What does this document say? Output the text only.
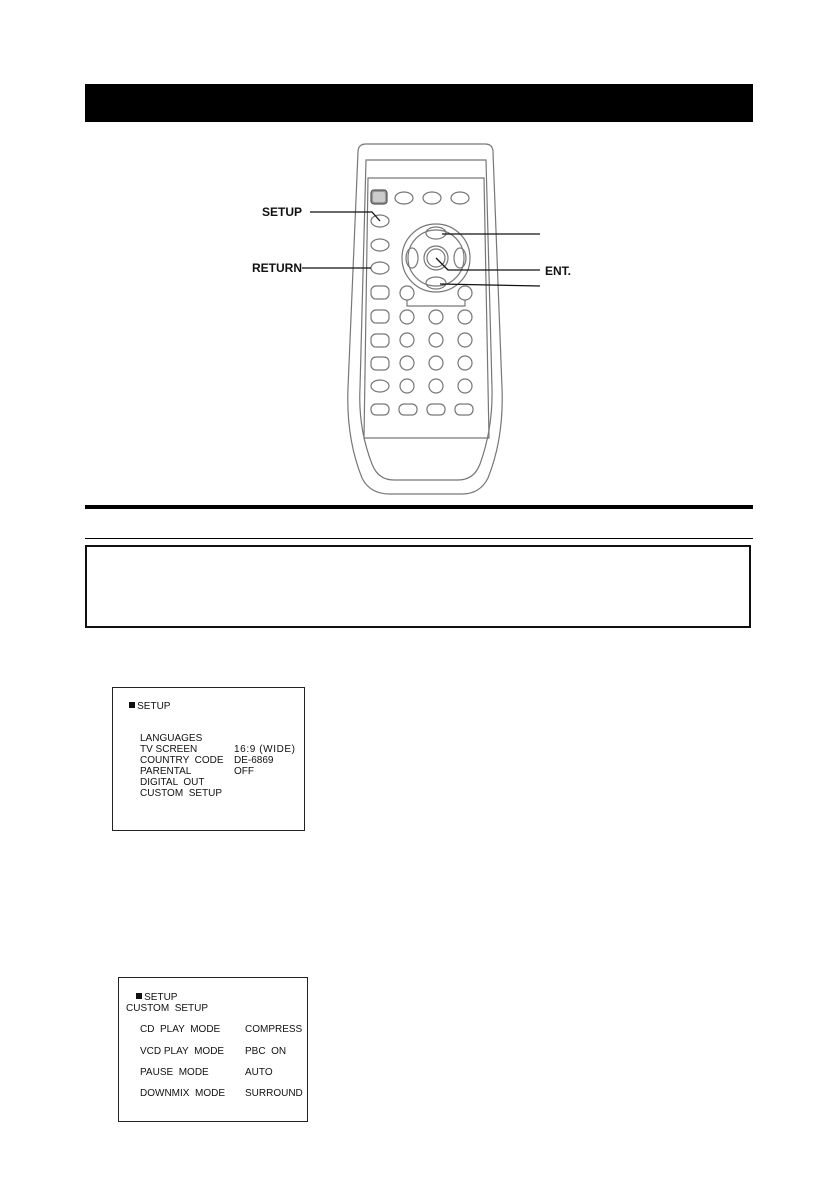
SETUP
RETURN	ENT.

SETUP

LANGUAGES
TV SCREEN	16:9 (WIDE)
COUNTRY  CODE DE-6869
PARENTAL	OFF
DIGITAL  OUT
CUSTOM  SETUP

SETUP

CUSTOM  SETUP
CD  PLAY  MODE COMPRESS
VCD PLAY  MODE PBC  ON
PAUSE  MODE	AUTO
DOWNMIX  MODE SURROUND
